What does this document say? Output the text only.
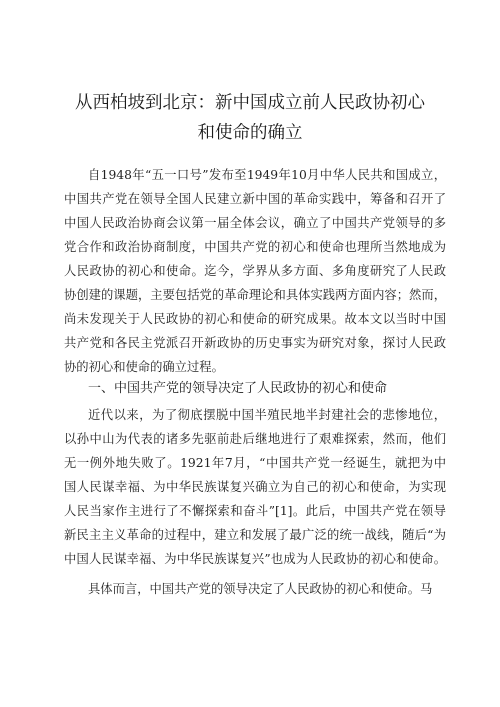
从西柏坡到北京：新中国成立前人民政协初心
和使命的确立
自1948年“五一口号”发布至1949年10月中华人民共和国成立，
中国共产党在领导全国人民建立新中国的革命实践中，筹备和召开了
中国人民政治协商会议第一届全体会议，确立了中国共产党领导的多
党合作和政治协商制度，中国共产党的初心和使命也理所当然地成为
人民政协的初心和使命。迄今，学界从多方面、多角度研究了人民政
协创建的课题，主要包括党的革命理论和具体实践两方面内容；然而，
尚未发现关于人民政协的初心和使命的研究成果。故本文以当时中国
共产党和各民主党派召开新政协的历史事实为研究对象，探讨人民政
协的初心和使命的确立过程。
一、中国共产党的领导决定了人民政协的初心和使命
近代以来，为了彻底摆脱中国半殖民地半封建社会的悲惨地位，
以孙中山为代表的诸多先驱前赴后继地进行了艰难探索，然而，他们
无一例外地失败了。1921年7月，“中国共产党一经诞生，就把为中
国人民谋幸福、为中华民族谋复兴确立为自己的初心和使命，为实现
人民当家作主进行了不懈探索和奋斗”[1]。此后，中国共产党在领导
新民主主义革命的过程中，建立和发展了最广泛的统一战线，随后“为
中国人民谋幸福、为中华民族谋复兴”也成为人民政协的初心和使命。
具体而言，中国共产党的领导决定了人民政协的初心和使命。马
